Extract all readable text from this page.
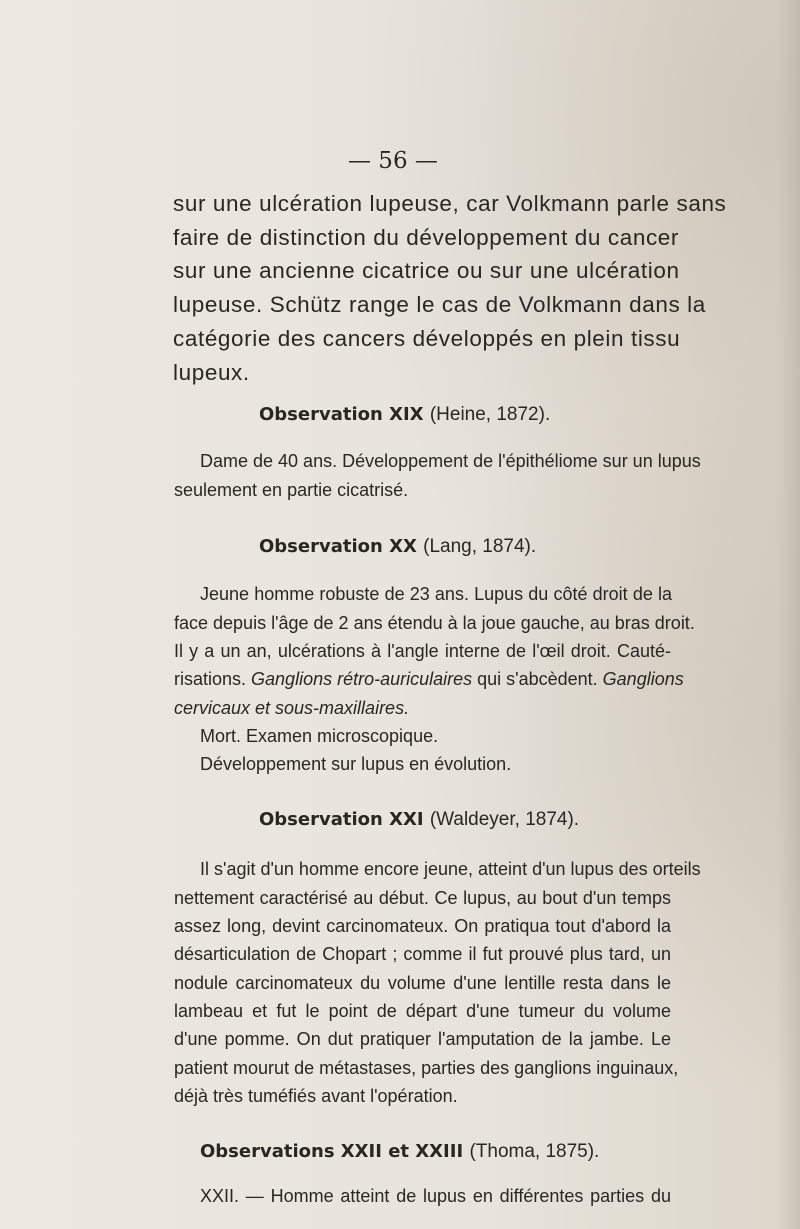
— 56 —
sur une ulcération lupeuse, car Volkmann parle sans
faire de distinction du développement du cancer
sur une ancienne cicatrice ou sur une ulcération
lupeuse. Schütz range le cas de Volkmann dans la
catégorie des cancers développés en plein tissu
lupeux.
Observation XIX (Heine, 1872).
Dame de 40 ans. Développement de l'épithéliome sur un lupus
seulement en partie cicatrisé.
Observation XX (Lang, 1874).
Jeune homme robuste de 23 ans. Lupus du côté droit de la
face depuis l'âge de 2 ans étendu à la joue gauche, au bras droit.
Il y a un an, ulcérations à l'angle interne de l'œil droit. Cauté-
risations. Ganglions rétro-auriculaires qui s'abcèdent. Ganglions
cervicaux et sous-maxillaires.
Mort. Examen microscopique.
Développement sur lupus en évolution.
Observation XXI (Waldeyer, 1874).
Il s'agit d'un homme encore jeune, atteint d'un lupus des orteils
nettement caractérisé au début. Ce lupus, au bout d'un temps
assez long, devint carcinomateux. On pratiqua tout d'abord la
désarticulation de Chopart ; comme il fut prouvé plus tard, un
nodule carcinomateux du volume d'une lentille resta dans le
lambeau et fut le point de départ d'une tumeur du volume
d'une pomme. On dut pratiquer l'amputation de la jambe. Le
patient mourut de métastases, parties des ganglions inguinaux,
déjà très tuméfiés avant l'opération.
Observations XXII et XXIII (Thoma, 1875).
XXII. — Homme atteint de lupus en différentes parties du
